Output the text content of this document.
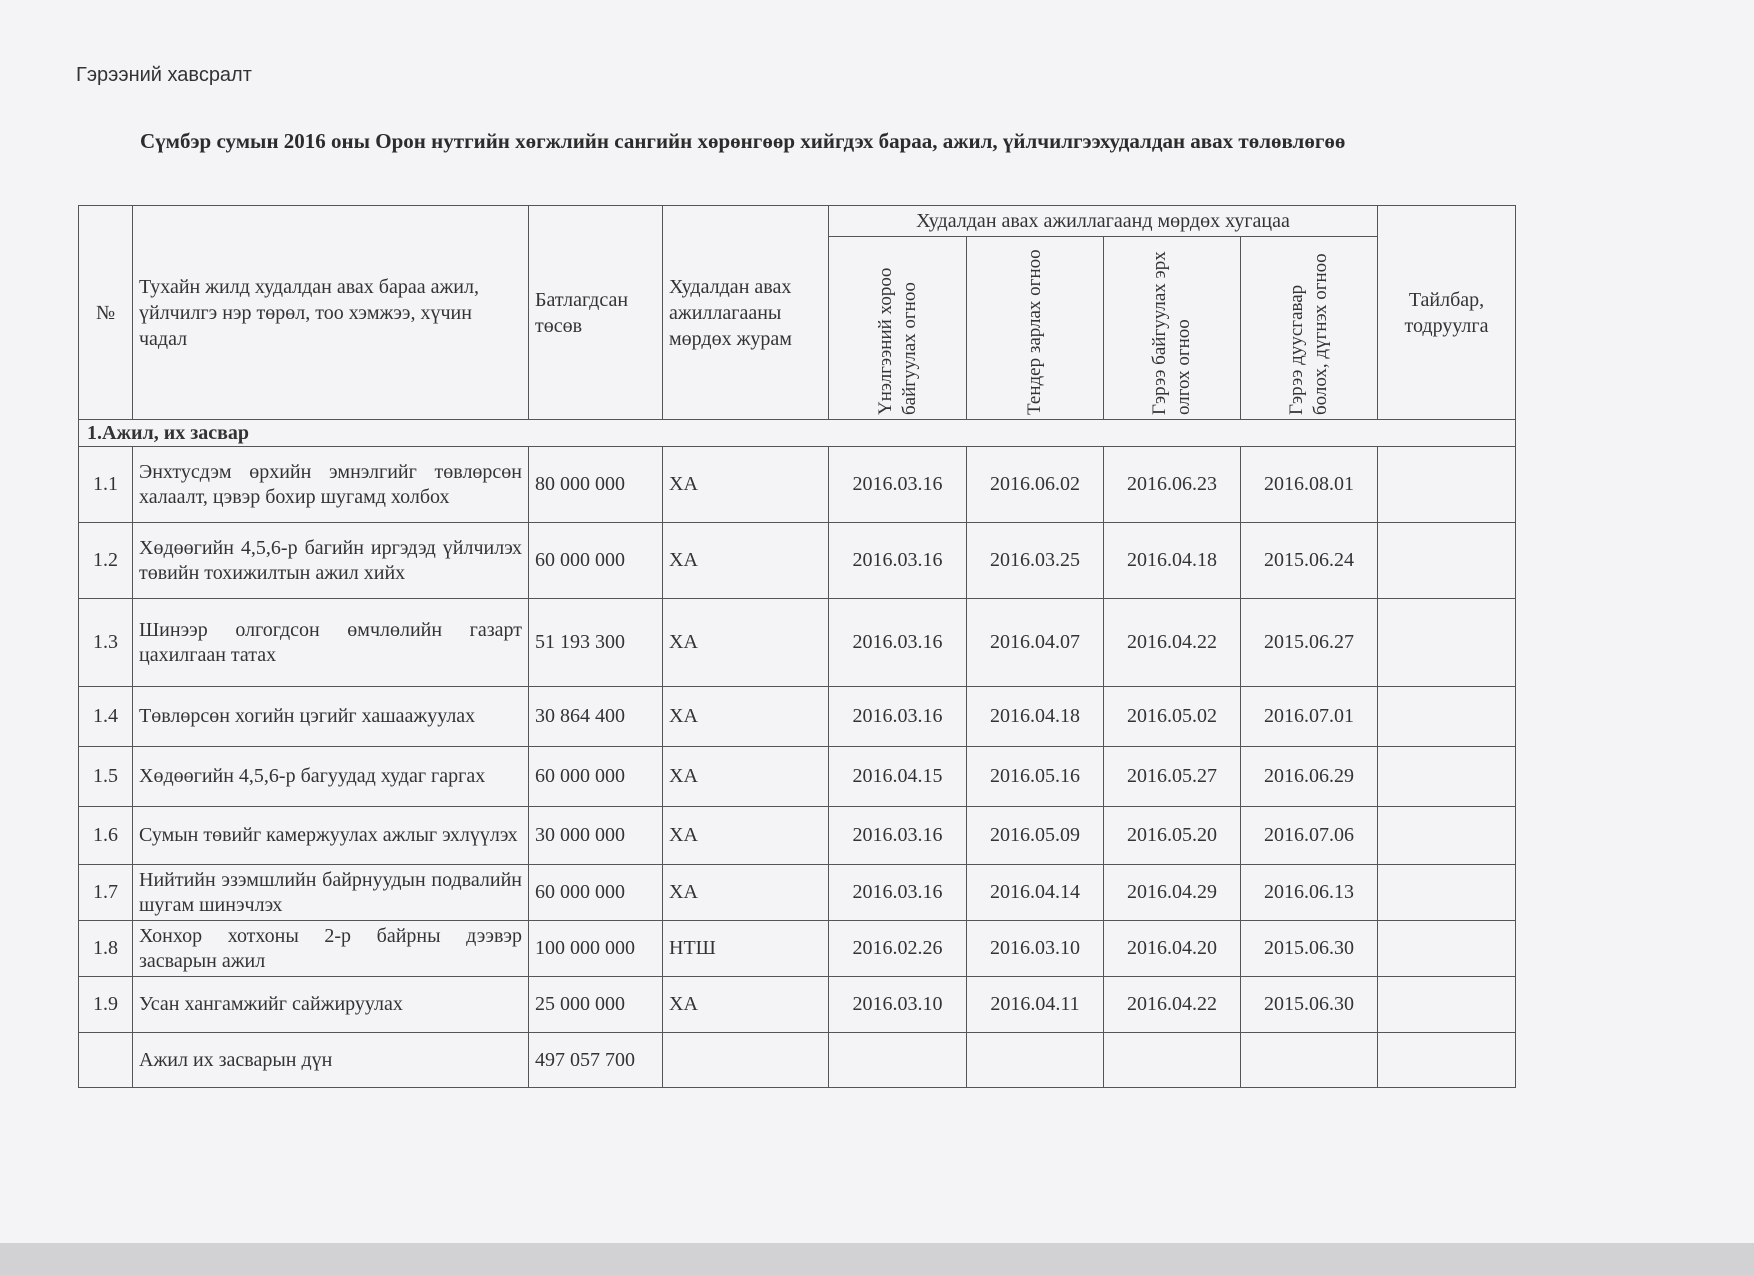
Гэрээний хавсралт
Сүмбэр сумын 2016 оны Орон нутгийн хөгжлийн сангийн хөрөнгөөр хийгдэх бараа, ажил, үйлчилгээхудалдан авах төлөвлөгөө
№	Тухайн жилд худалдан авах бараа ажил, үйлчилгэ нэр төрөл, тоо хэмжээ, хүчин чадал	Батлагдсан төсөв	Худалдан авах ажиллагааны мөрдөх журам	Худалдан авах ажиллагаанд мөрдөх хугацаа				Тайлбар, тодруулга

				Үнэлгээний хороо байгуулах огноо	Тендер зарлах огноо	Гэрээ байгуулах эрх олгох огноо	Гэрээ дуусгавар болох, дүгнэх огноо	

1.Ажил, их засвар								
1.1	Энхтусдэм өрхийн эмнэлгийг төвлөрсөн халаалт, цэвэр бохир шугамд холбох	80 000 000	ХА	2016.03.16	2016.06.02	2016.06.23	2016.08.01	
1.2	Хөдөөгийн 4,5,6-р багийн иргэдэд үйлчилэх төвийн тохижилтын ажил хийх	60 000 000	ХА	2016.03.16	2016.03.25	2016.04.18	2015.06.24	
1.3	Шинээр олгогдсон өмчлөлийн газарт цахилгаан татах	51 193 300	ХА	2016.03.16	2016.04.07	2016.04.22	2015.06.27	
1.4	Төвлөрсөн хогийн цэгийг хашаажуулах	30 864 400	ХА	2016.03.16	2016.04.18	2016.05.02	2016.07.01	
1.5	Хөдөөгийн 4,5,6-р багуудад худаг гаргах	60 000 000	ХА	2016.04.15	2016.05.16	2016.05.27	2016.06.29	
1.6	Сумын төвийг камержуулах ажлыг эхлүүлэх	30 000 000	ХА	2016.03.16	2016.05.09	2016.05.20	2016.07.06	
1.7	Нийтийн эзэмшлийн байрнуудын подвалийн шугам шинэчлэх	60 000 000	ХА	2016.03.16	2016.04.14	2016.04.29	2016.06.13	
1.8	Хонхор хотхоны 2-р байрны дээвэр засварын ажил	100 000 000	НТШ	2016.02.26	2016.03.10	2016.04.20	2015.06.30	
1.9	Усан хангамжийг сайжируулах	25 000 000	ХА	2016.03.10	2016.04.11	2016.04.22	2015.06.30	
	Ажил их засварын дүн	497 057 700						
